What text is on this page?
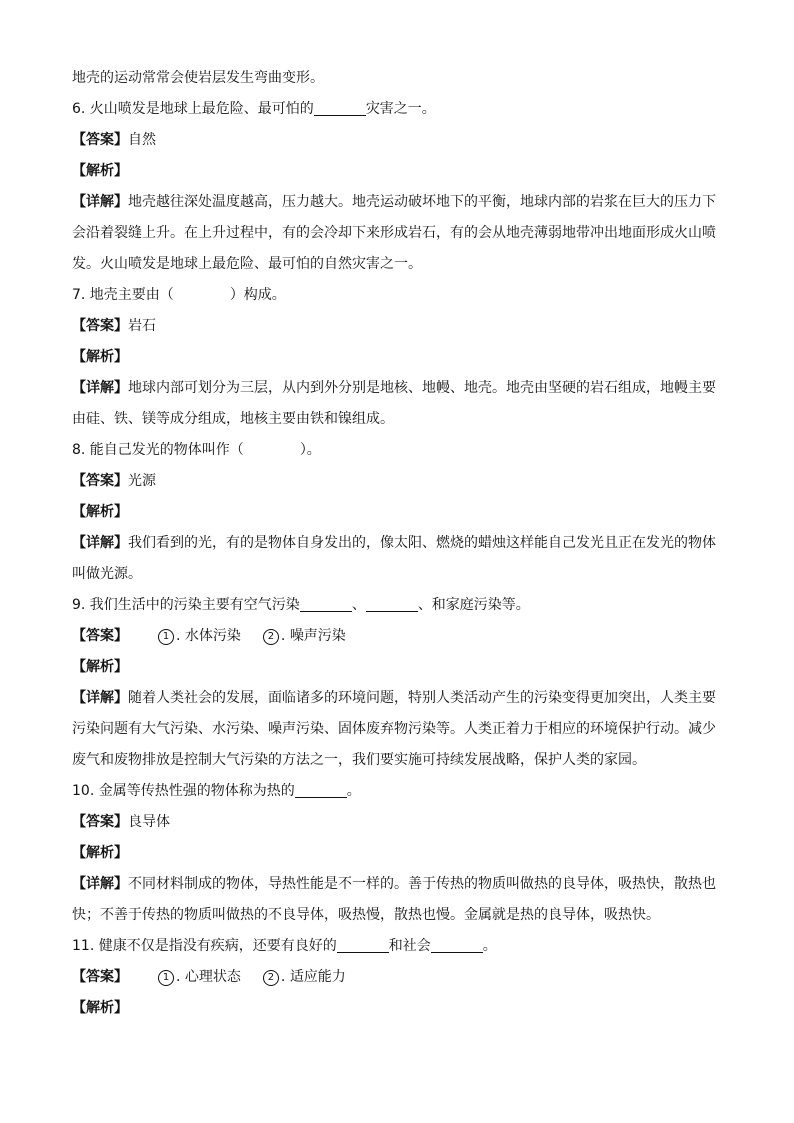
地壳的运动常常会使岩层发生弯曲变形。
6. 火山喷发是地球上最危险、最可怕的	灾害之一。
【答案】自然
【解析】
【详解】地壳越往深处温度越高，压力越大。地壳运动破坏地下的平衡，地球内部的岩浆在巨大的压力下会沿着裂缝上升。在上升过程中，有的会冷却下来形成岩石，有的会从地壳薄弱地带冲出地面形成火山喷发。火山喷发是地球上最危险、最可怕的自然灾害之一。
7. 地壳主要由（	）构成。
【答案】岩石
【解析】
【详解】地球内部可划分为三层，从内到外分别是地核、地幔、地壳。地壳由坚硬的岩石组成，地幔主要由硅、铁、镁等成分组成，地核主要由铁和镍组成。
8. 能自己发光的物体叫作（	）。
【答案】光源
【解析】
【详解】我们看到的光，有的是物体自身发出的，像太阳、燃烧的蜡烛这样能自己发光且正在发光的物体叫做光源。
9. 我们生活中的污染主要有空气污染	、	、和家庭污染等。
【答案】	1 . 水体污染	2 . 噪声污染
【解析】
【详解】随着人类社会的发展，面临诸多的环境问题，特别人类活动产生的污染变得更加突出，人类主要污染问题有大气污染、水污染、噪声污染、固体废弃物污染等。人类正着力于相应的环境保护行动。减少废气和废物排放是控制大气污染的方法之一，我们要实施可持续发展战略，保护人类的家园。
10. 金属等传热性强的物体称为热的	。
【答案】良导体
【解析】
【详解】不同材料制成的物体，导热性能是不一样的。善于传热的物质叫做热的良导体，吸热快，散热也快；不善于传热的物质叫做热的不良导体，吸热慢，散热也慢。金属就是热的良导体，吸热快。
11. 健康不仅是指没有疾病，还要有良好的	和社会	。
【答案】	1 . 心理状态	2 . 适应能力
【解析】
